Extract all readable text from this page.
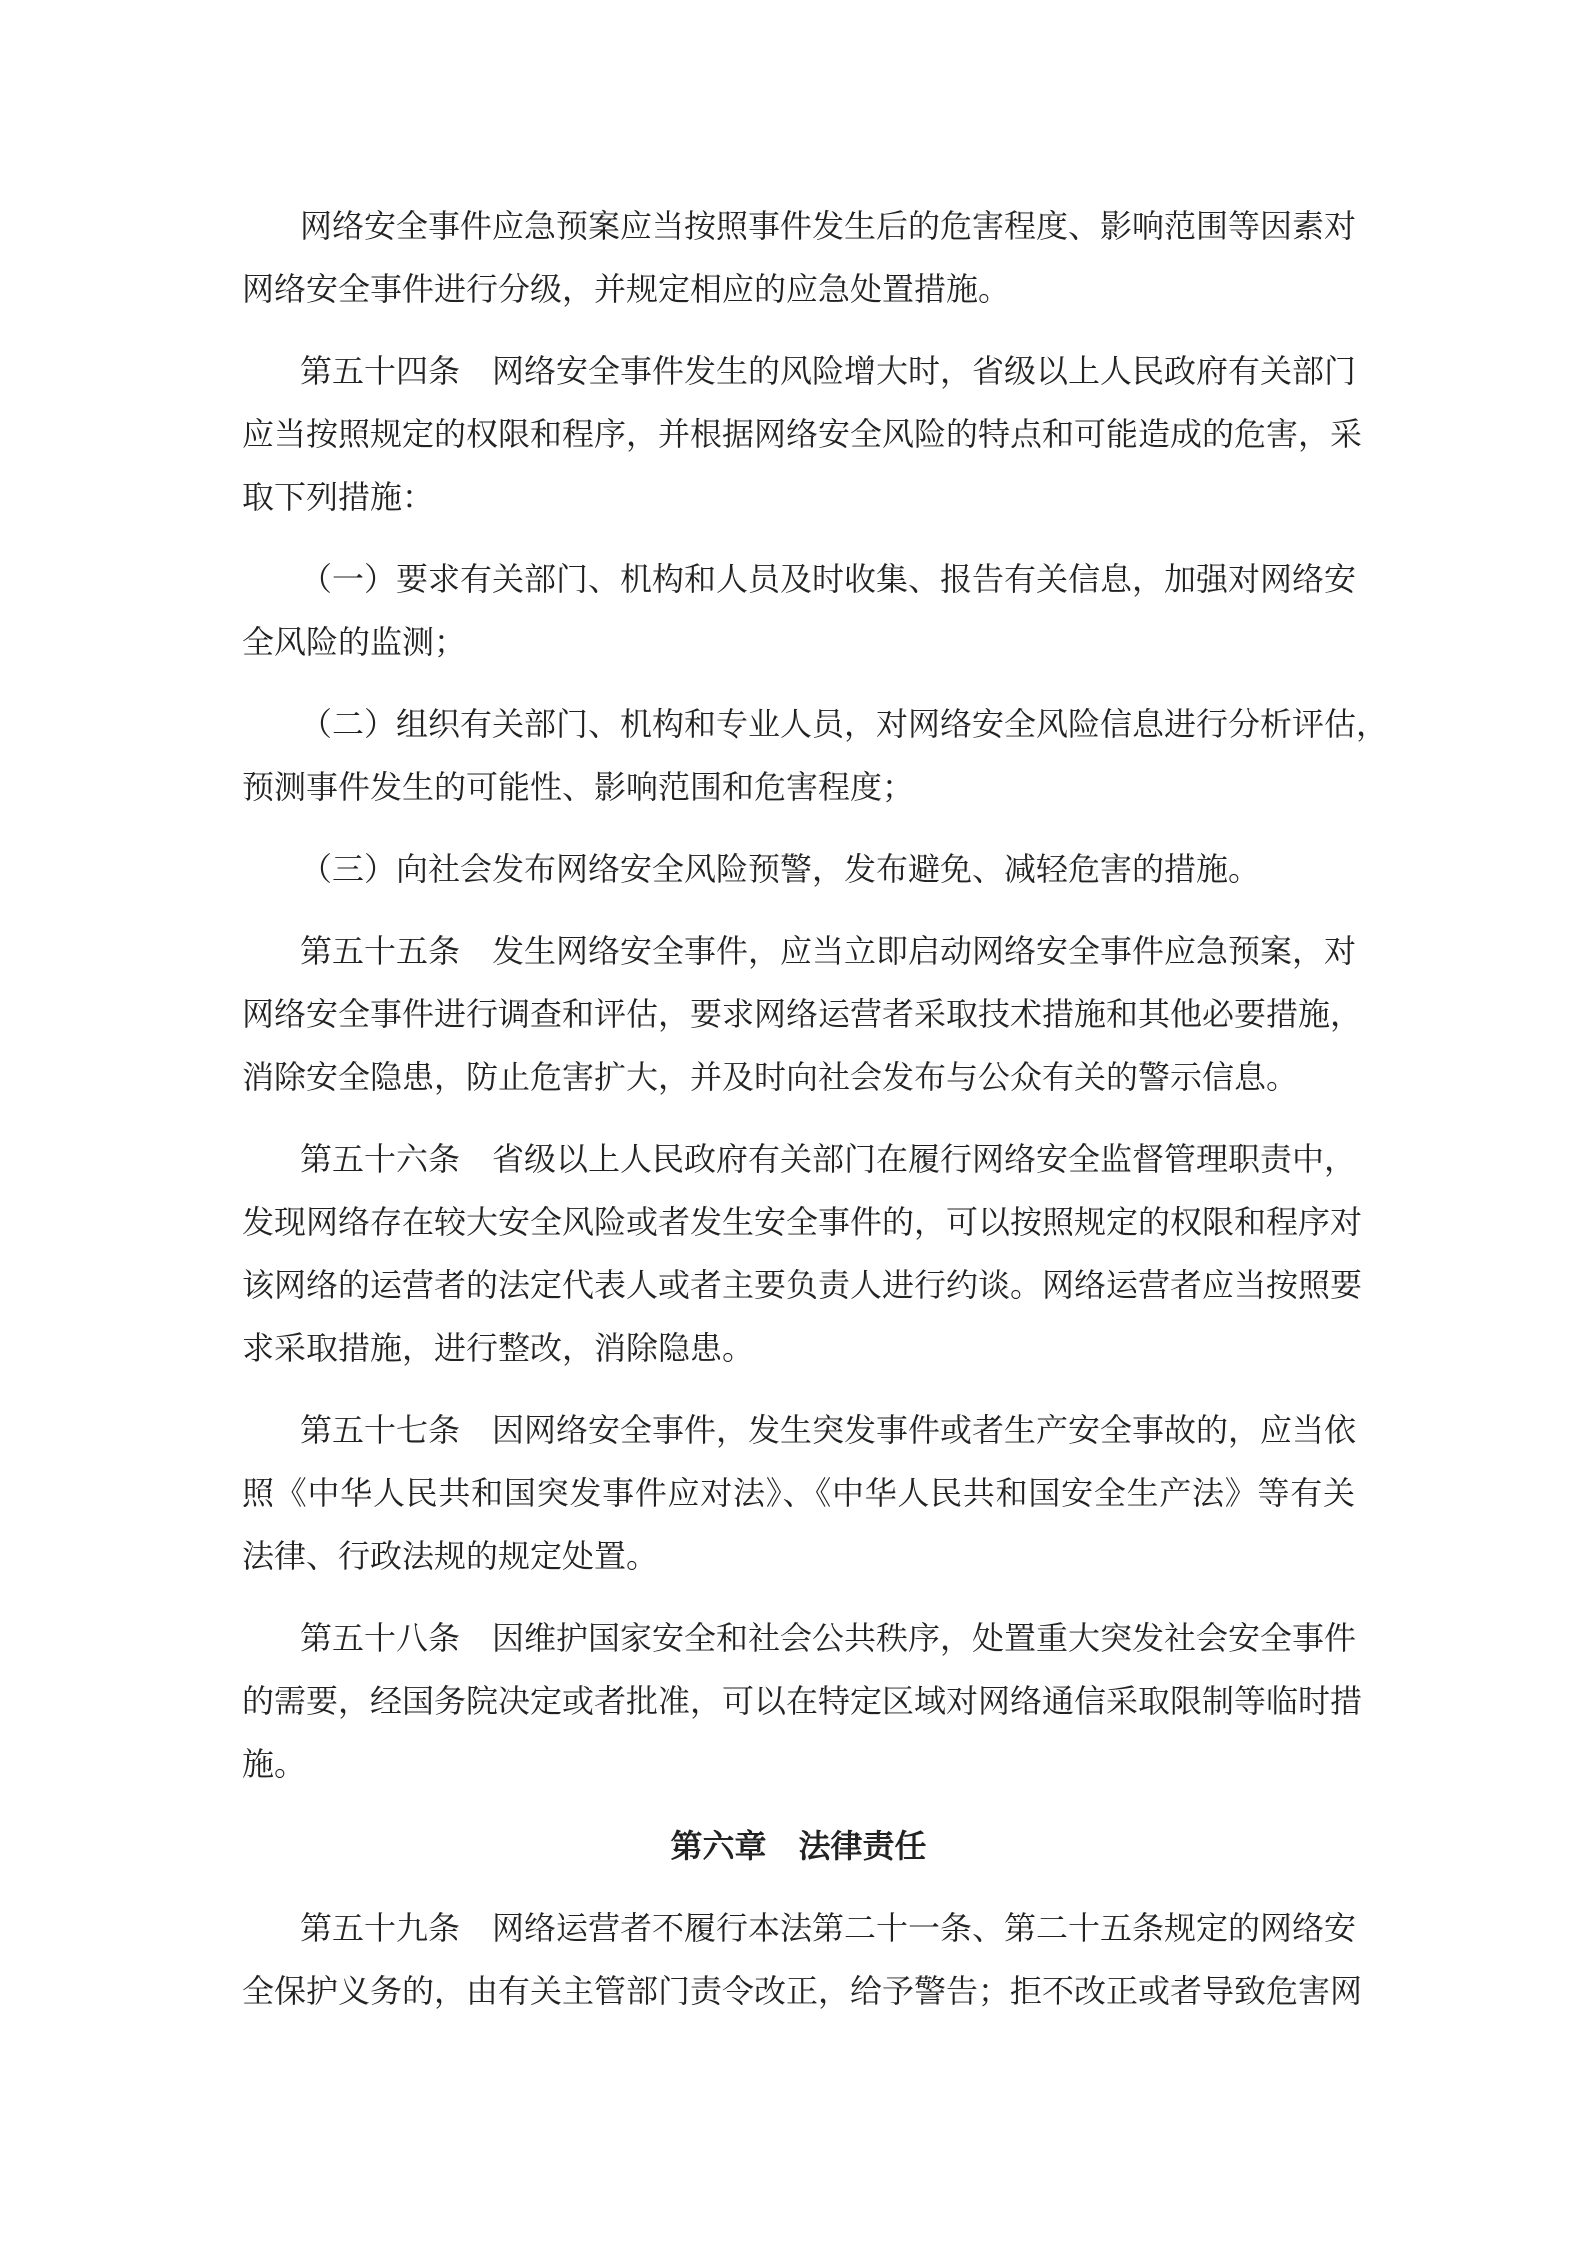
网络安全事件应急预案应当按照事件发生后的危害程度、影响范围等因素对
网络安全事件进行分级，并规定相应的应急处置措施。
第五十四条　网络安全事件发生的风险增大时，省级以上人民政府有关部门
应当按照规定的权限和程序，并根据网络安全风险的特点和可能造成的危害，采
取下列措施：
（一）要求有关部门、机构和人员及时收集、报告有关信息，加强对网络安
全风险的监测；
（二）组织有关部门、机构和专业人员，对网络安全风险信息进行分析评估，
预测事件发生的可能性、影响范围和危害程度；
（三）向社会发布网络安全风险预警，发布避免、减轻危害的措施。
第五十五条　发生网络安全事件，应当立即启动网络安全事件应急预案，对
网络安全事件进行调查和评估，要求网络运营者采取技术措施和其他必要措施，
消除安全隐患，防止危害扩大，并及时向社会发布与公众有关的警示信息。
第五十六条　省级以上人民政府有关部门在履行网络安全监督管理职责中，
发现网络存在较大安全风险或者发生安全事件的，可以按照规定的权限和程序对
该网络的运营者的法定代表人或者主要负责人进行约谈。网络运营者应当按照要
求采取措施，进行整改，消除隐患。
第五十七条　因网络安全事件，发生突发事件或者生产安全事故的，应当依
照《中华人民共和国突发事件应对法》、《中华人民共和国安全生产法》等有关
法律、行政法规的规定处置。
第五十八条　因维护国家安全和社会公共秩序，处置重大突发社会安全事件
的需要，经国务院决定或者批准，可以在特定区域对网络通信采取限制等临时措
施。
第六章　法律责任
第五十九条　网络运营者不履行本法第二十一条、第二十五条规定的网络安
全保护义务的，由有关主管部门责令改正，给予警告；拒不改正或者导致危害网
